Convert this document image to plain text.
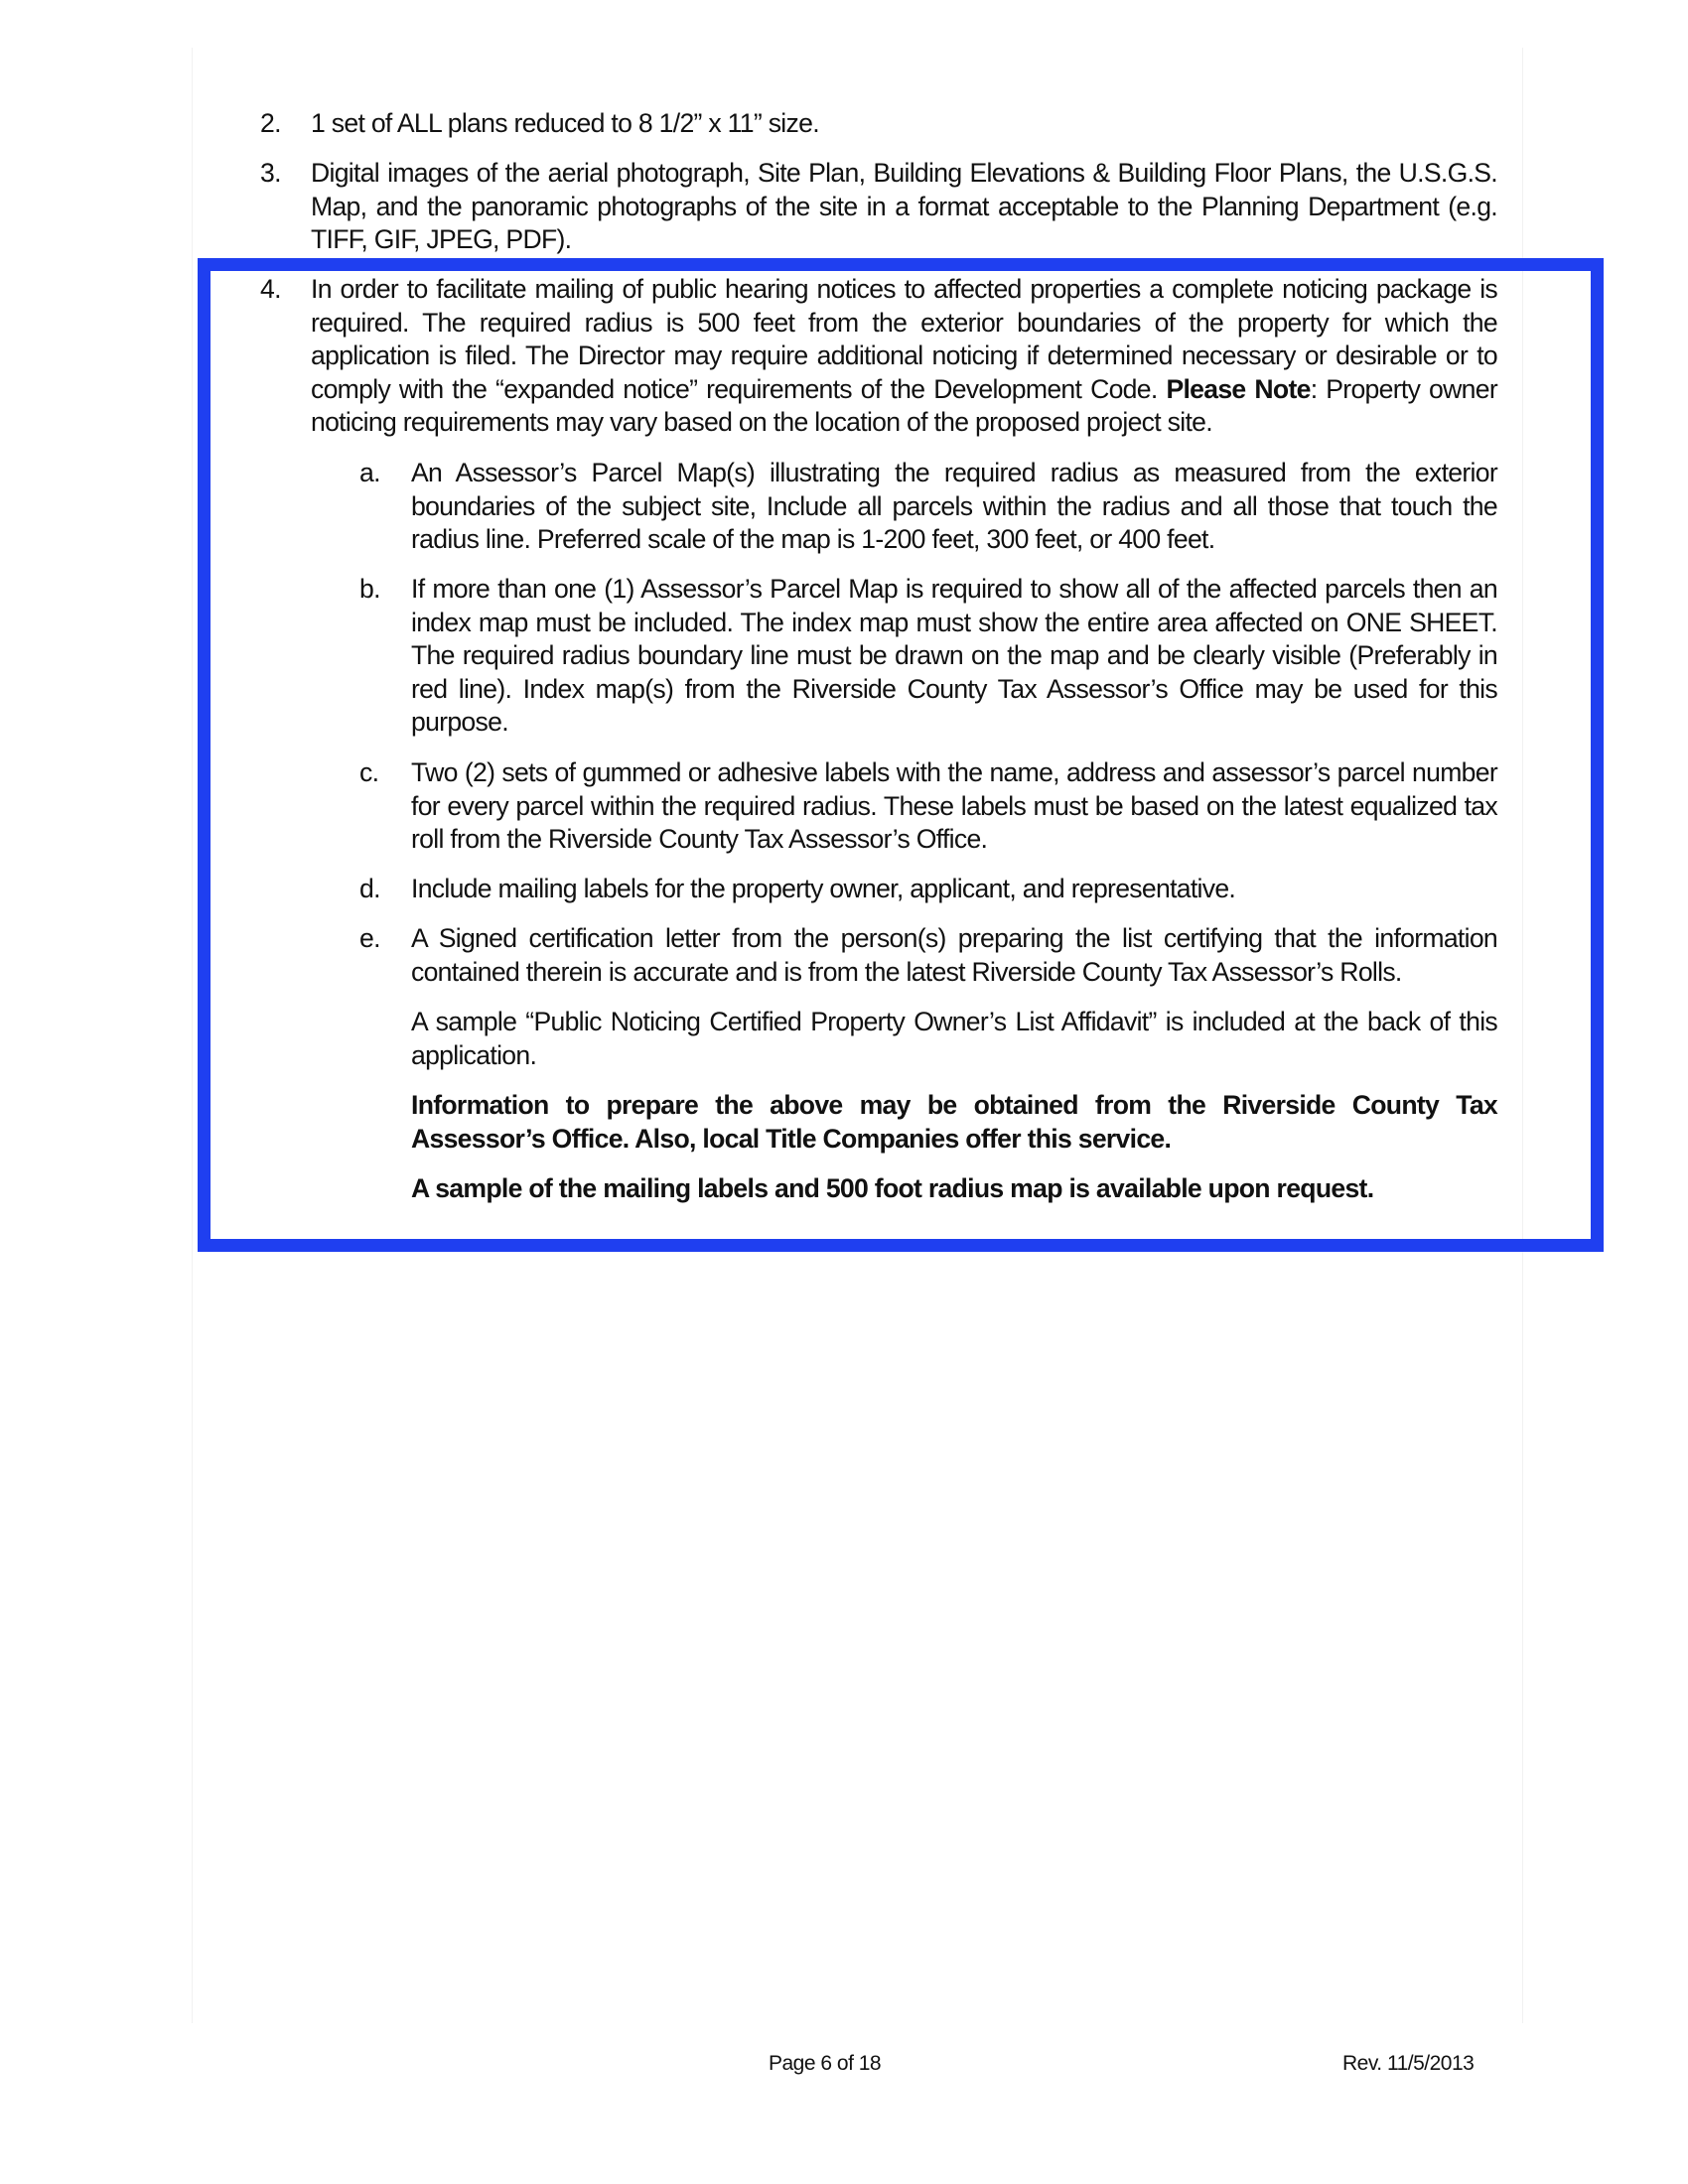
2. 1 set of ALL plans reduced to 8 1/2” x 11” size.
3. Digital images of the aerial photograph, Site Plan, Building Elevations & Building Floor Plans, the U.S.G.S. Map, and the panoramic photographs of the site in a format acceptable to the Planning Department (e.g. TIFF, GIF, JPEG, PDF).
4. In order to facilitate mailing of public hearing notices to affected properties a complete noticing package is required. The required radius is 500 feet from the exterior boundaries of the property for which the application is filed. The Director may require additional noticing if determined necessary or desirable or to comply with the “expanded notice” requirements of the Development Code. Please Note: Property owner noticing requirements may vary based on the location of the proposed project site.
a. An Assessor’s Parcel Map(s) illustrating the required radius as measured from the exterior boundaries of the subject site, Include all parcels within the radius and all those that touch the radius line. Preferred scale of the map is 1-200 feet, 300 feet, or 400 feet.
b. If more than one (1) Assessor’s Parcel Map is required to show all of the affected parcels then an index map must be included. The index map must show the entire area affected on ONE SHEET. The required radius boundary line must be drawn on the map and be clearly visible (Preferably in red line). Index map(s) from the Riverside County Tax Assessor’s Office may be used for this purpose.
c. Two (2) sets of gummed or adhesive labels with the name, address and assessor’s parcel number for every parcel within the required radius. These labels must be based on the latest equalized tax roll from the Riverside County Tax Assessor’s Office.
d. Include mailing labels for the property owner, applicant, and representative.
e. A Signed certification letter from the person(s) preparing the list certifying that the information contained therein is accurate and is from the latest Riverside County Tax Assessor’s Rolls.
A sample “Public Noticing Certified Property Owner’s List Affidavit” is included at the back of this application.
Information to prepare the above may be obtained from the Riverside County Tax Assessor’s Office. Also, local Title Companies offer this service.
A sample of the mailing labels and 500 foot radius map is available upon request.
Page 6 of 18	Rev. 11/5/2013
